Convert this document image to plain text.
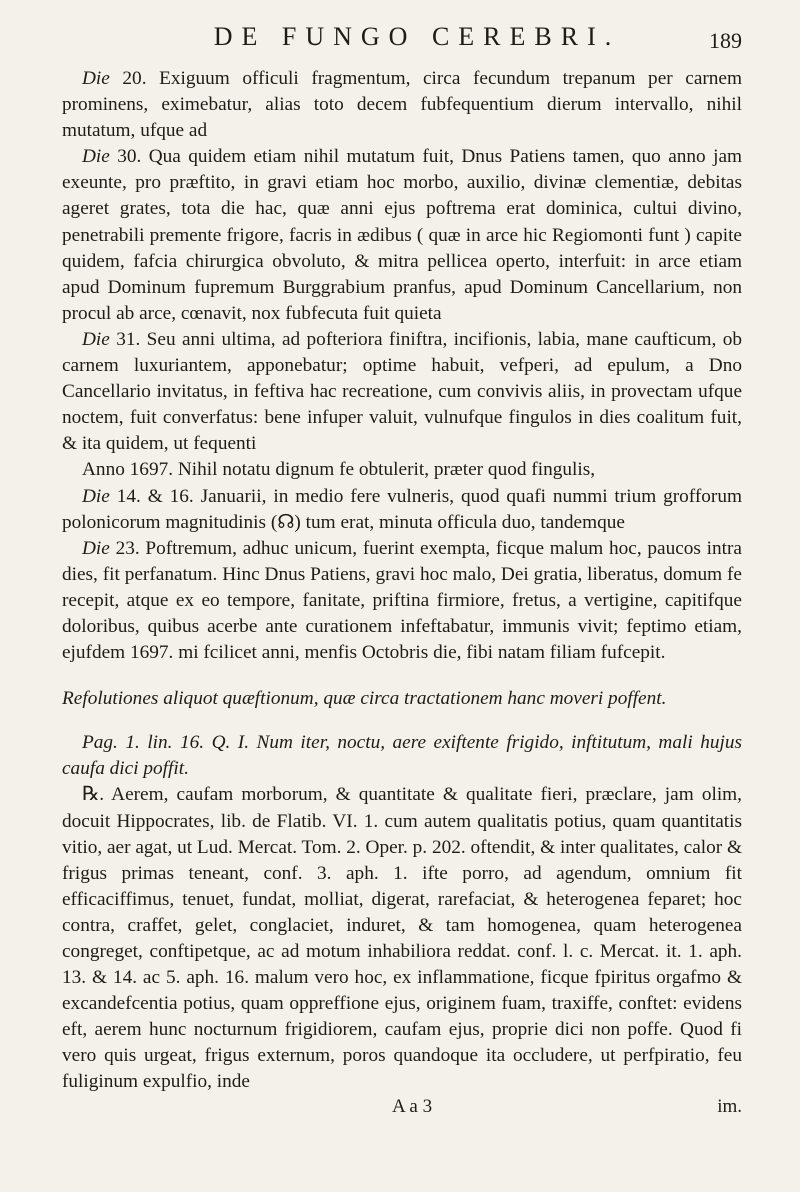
DE FUNGO CEREBRI.	189

Die 20. Exiguum officuli fragmentum, circa fecundum trepanum per carnem prominens, eximebatur, alias toto decem fubfequentium dierum intervallo, nihil mutatum, ufque ad

Die 30. Qua quidem etiam nihil mutatum fuit, Dnus Patiens tamen, quo anno jam exeunte, pro præftito, in gravi etiam hoc morbo, auxilio, divinæ clementiæ, debitas ageret grates, tota die hac, quæ anni ejus poftrema erat dominica, cultui divino, penetrabili premente frigore, facris in ædibus ( quæ in arce hic Regiomonti funt ) capite quidem, fafcia chirurgica obvoluto, & mitra pellicea operto, interfuit: in arce etiam apud Dominum fupremum Burggrabium pranfus, apud Dominum Cancellarium, non procul ab arce, cœnavit, nox fubfecuta fuit quieta

Die 31. Seu anni ultima, ad pofteriora finiftra, incifionis, labia, mane caufticum, ob carnem luxuriantem, apponebatur; optime habuit, vefperi, ad epulum, a Dno Cancellario invitatus, in feftiva hac recreatione, cum convivis aliis, in provectam ufque noctem, fuit converfatus: bene infuper valuit, vulnufque fingulos in dies coalitum fuit, & ita quidem, ut fequenti

Anno 1697. Nihil notatu dignum fe obtulerit, præter quod fingulis,

Die 14. & 16. Januarii, in medio fere vulneris, quod quafi nummi trium grofforum polonicorum magnitudinis (☊) tum erat, minuta officula duo, tandemque

Die 23. Poftremum, adhuc unicum, fuerint exempta, ficque malum hoc, paucos intra dies, fit perfanatum. Hinc Dnus Patiens, gravi hoc malo, Dei gratia, liberatus, domum fe recepit, atque ex eo tempore, fanitate, priftina firmiore, fretus, a vertigine, capitifque doloribus, quibus acerbe ante curationem infeftabatur, immunis vivit; feptimo etiam, ejufdem 1697. mi fcilicet anni, menfis Octobris die, fibi natam filiam fufcepit.

Refolutiones aliquot quæftionum, quæ circa tractationem hanc moveri poffent.

Pag. 1. lin. 16. Q. I. Num iter, noctu, aere exiftente frigido, inftitutum, mali hujus caufa dici poffit.

℞. Aerem, caufam morborum, & quantitate & qualitate fieri, præclare, jam olim, docuit Hippocrates, lib. de Flatib. VI. 1. cum autem qualitatis potius, quam quantitatis vitio, aer agat, ut Lud. Mercat. Tom. 2. Oper. p. 202. oftendit, & inter qualitates, calor & frigus primas teneant, conf. 3. aph. 1. ifte porro, ad agendum, omnium fit efficaciffimus, tenuet, fundat, molliat, digerat, rarefaciat, & heterogenea feparet; hoc contra, craffet, gelet, conglaciet, induret, & tam homogenea, quam heterogenea congreget, conftipetque, ac ad motum inhabiliora reddat. conf. l. c. Mercat. it. 1. aph. 13. & 14. ac 5. aph. 16. malum vero hoc, ex inflammatione, ficque fpiritus orgafmo & excandefcentia potius, quam oppreffione ejus, originem fuam, traxiffe, conftet: evidens eft, aerem hunc nocturnum frigidiorem, caufam ejus, proprie dici non poffe. Quod fi vero quis urgeat, frigus externum, poros quandoque ita occludere, ut perfpiratio, feu fuliginum expulfio, inde

A a 3	im.
